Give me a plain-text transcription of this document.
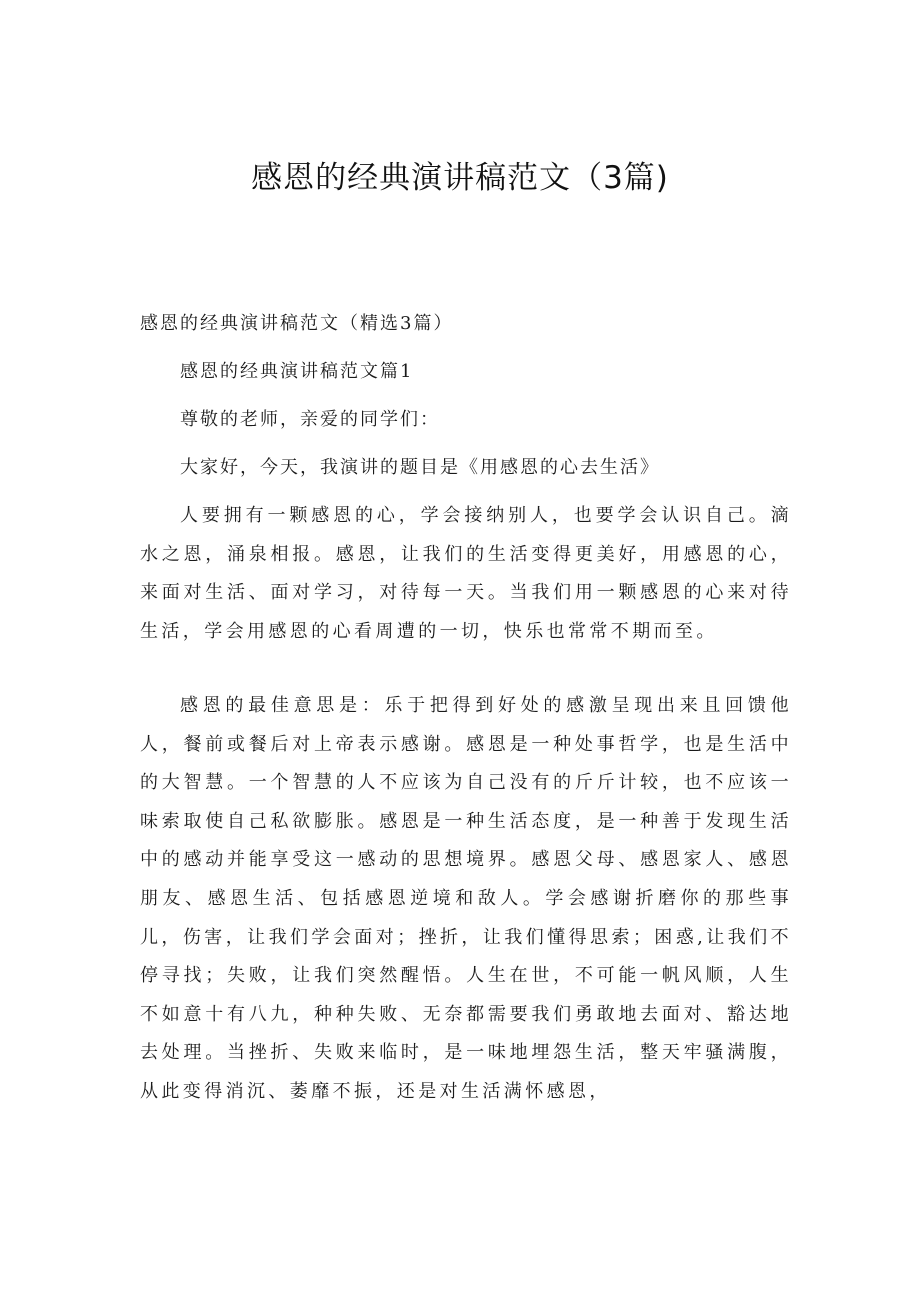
感恩的经典演讲稿范文（3篇)

感恩的经典演讲稿范文（精选3篇）

感恩的经典演讲稿范文篇1

尊敬的老师，亲爱的同学们：

大家好，今天，我演讲的题目是《用感恩的心去生活》

人要拥有一颗感恩的心，学会接纳别人，也要学会认识自己。滴水之恩，涌泉相报。感恩，让我们的生活变得更美好，用感恩的心，来面对生活、面对学习，对待每一天。当我们用一颗感恩的心来对待生活，学会用感恩的心看周遭的一切，快乐也常常不期而至。

感恩的最佳意思是：乐于把得到好处的感激呈现出来且回馈他人，餐前或餐后对上帝表示感谢。感恩是一种处事哲学，也是生活中的大智慧。一个智慧的人不应该为自己没有的斤斤计较，也不应该一味索取使自己私欲膨胀。感恩是一种生活态度，是一种善于发现生活中的感动并能享受这一感动的思想境界。感恩父母、感恩家人、感恩朋友、感恩生活、包括感恩逆境和敌人。学会感谢折磨你的那些事儿，伤害，让我们学会面对；挫折，让我们懂得思索；困惑,让我们不停寻找；失败，让我们突然醒悟。人生在世，不可能一帆风顺，人生不如意十有八九，种种失败、无奈都需要我们勇敢地去面对、豁达地去处理。当挫折、失败来临时，是一味地埋怨生活，整天牢骚满腹，从此变得消沉、萎靡不振，还是对生活满怀感恩，
